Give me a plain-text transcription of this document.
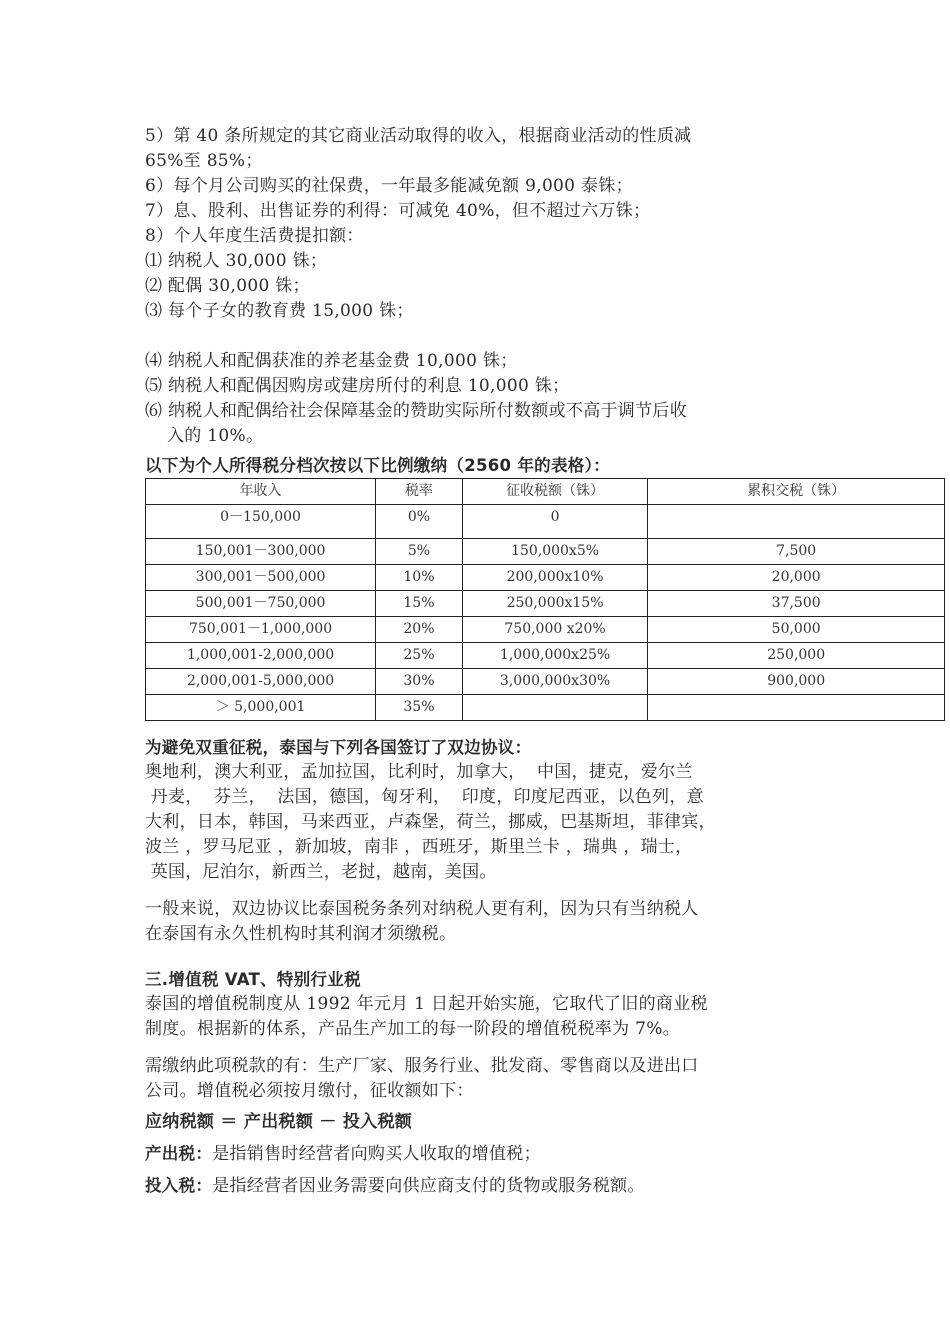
5）第 40 条所规定的其它商业活动取得的收入，根据商业活动的性质减
65%至 85%；
6）每个月公司购买的社保费，一年最多能减免额 9,000 泰铢；
7）息、股利、出售证券的利得：可减免 40%，但不超过六万铢；
8）个人年度生活费提扣额：
⑴ 纳税人 30,000 铢；
⑵ 配偶 30,000 铢；
⑶ 每个子女的教育费 15,000 铢；
⑷ 纳税人和配偶获准的养老基金费 10,000 铢；
⑸ 纳税人和配偶因购房或建房所付的利息 10,000 铢；
⑹ 纳税人和配偶给社会保障基金的赞助实际所付数额或不高于调节后收
入的 10%。
以下为个人所得税分档次按以下比例缴纳（2560 年的表格）：
年收入	税率	征收税额（铢）	累积交税（铢）
0－150,000	0%	0	
150,001－300,000	5%	150,000x5%	7,500
300,001－500,000	10%	200,000x10%	20,000
500,001－750,000	15%	250,000x15%	37,500
750,001－1,000,000	20%	750,000 x20%	50,000
1,000,001-2,000,000	25%	1,000,000x25%	250,000
2,000,001-5,000,000	30%	3,000,000x30%	900,000
＞ 5,000,001	35%		
为避免双重征税，泰国与下列各国签订了双边协议：
奥地利，澳大利亚，孟加拉国，比利时，加拿大，  中国，捷克，爱尔兰
丹麦，  芬兰，  法国，德国，匈牙利，  印度，印度尼西亚，以色列，意
大利，日本，韩国，马来西亚，卢森堡，荷兰，挪威，巴基斯坦，菲律宾，
波兰 ，罗马尼亚 ，新加坡，南非 ，西班牙，斯里兰卡 ，瑞典 ，瑞士，
英国，尼泊尔，新西兰，老挝，越南，美国。
一般来说，双边协议比泰国税务条列对纳税人更有利，因为只有当纳税人
在泰国有永久性机构时其利润才须缴税。
三.增值税 VAT、特别行业税
泰国的增值税制度从 1992 年元月 1 日起开始实施，它取代了旧的商业税
制度。根据新的体系，产品生产加工的每一阶段的增值税税率为 7%。
需缴纳此项税款的有：生产厂家、服务行业、批发商、零售商以及进出口
公司。增值税必须按月缴付，征收额如下：
应纳税额 ＝ 产出税额 － 投入税额
产出税：是指销售时经营者向购买人收取的增值税；
投入税：是指经营者因业务需要向供应商支付的货物或服务税额。
